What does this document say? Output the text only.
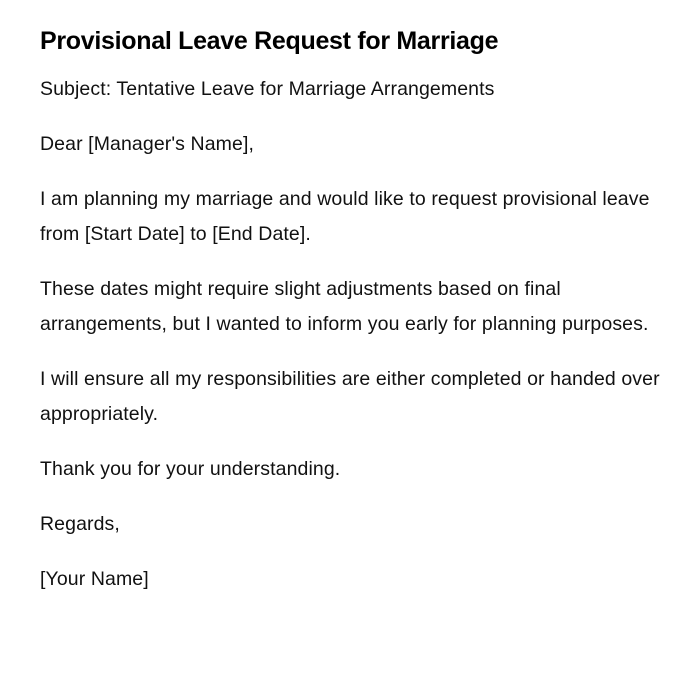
Provisional Leave Request for Marriage

Subject: Tentative Leave for Marriage Arrangements

Dear [Manager's Name],

I am planning my marriage and would like to request provisional leave from [Start Date] to [End Date].

These dates might require slight adjustments based on final arrangements, but I wanted to inform you early for planning purposes.

I will ensure all my responsibilities are either completed or handed over appropriately.

Thank you for your understanding.

Regards,

[Your Name]
